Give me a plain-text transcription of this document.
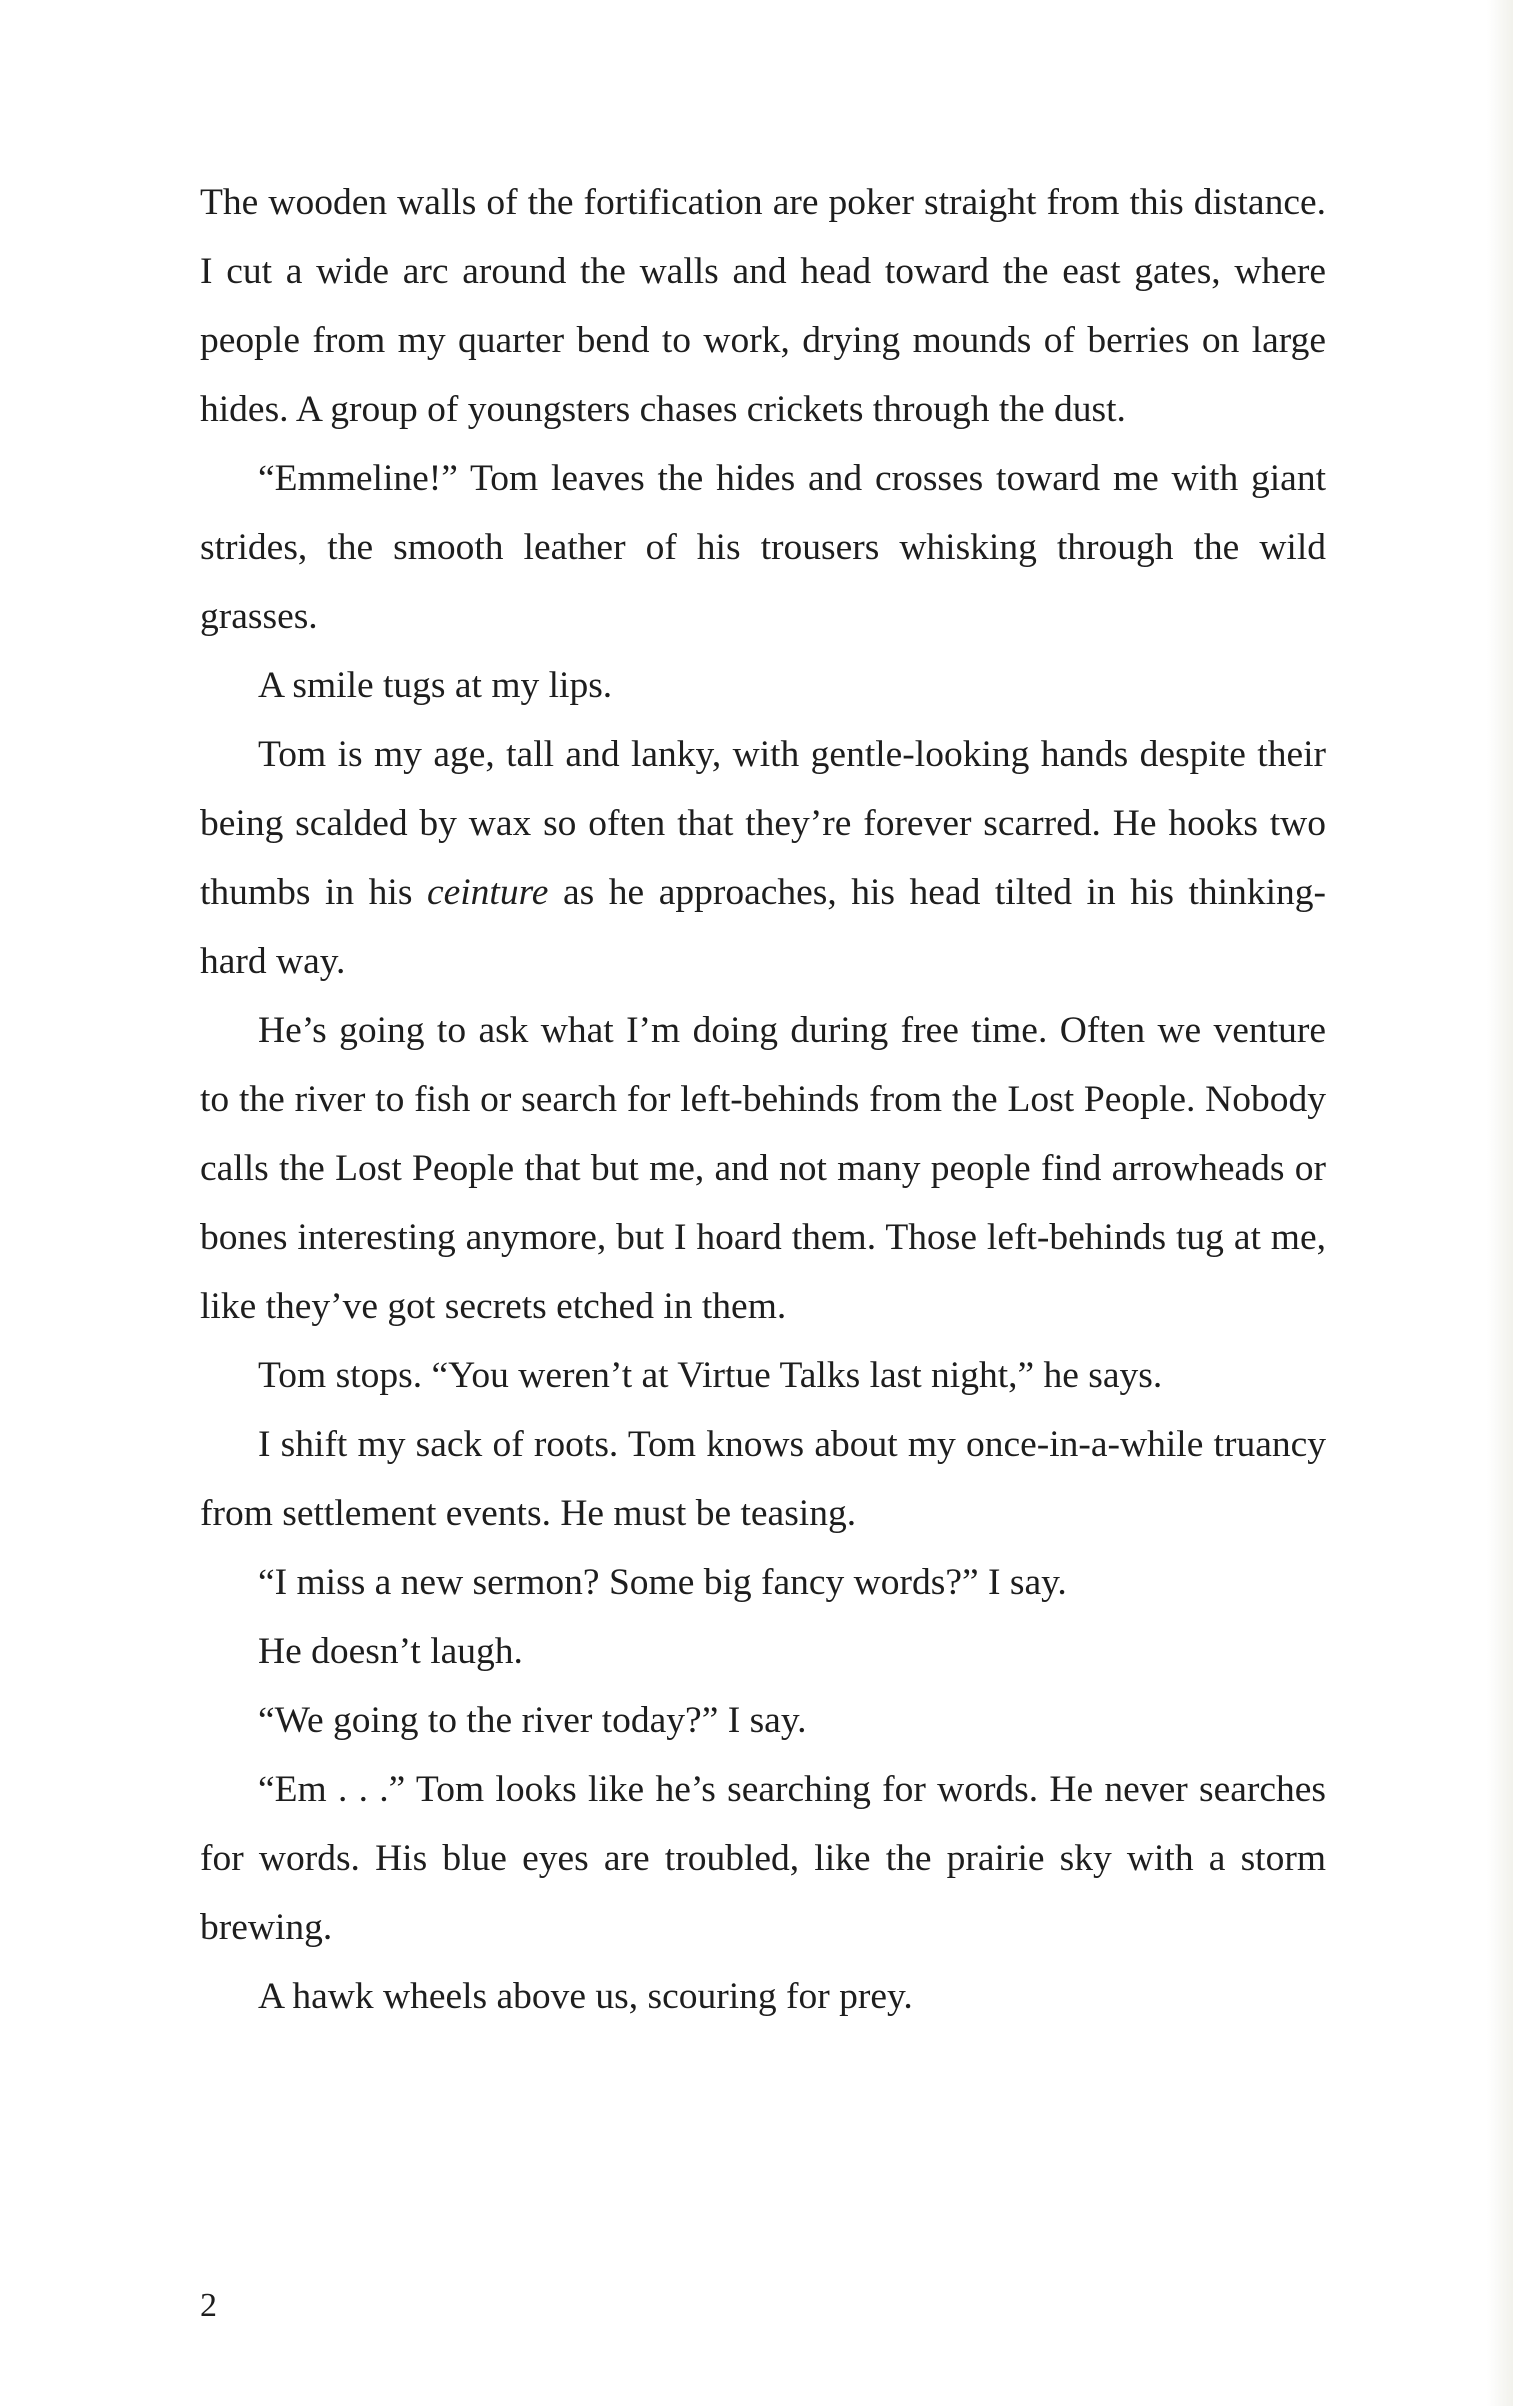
The wooden walls of the fortification are poker straight from this distance. I cut a wide arc around the walls and head toward the east gates, where people from my quarter bend to work, drying mounds of berries on large hides. A group of youngsters chases crickets through the dust.

“Emmeline!” Tom leaves the hides and crosses toward me with giant strides, the smooth leather of his trousers whisking through the wild grasses.

A smile tugs at my lips.

Tom is my age, tall and lanky, with gentle-looking hands despite their being scalded by wax so often that they’re forever scarred. He hooks two thumbs in his ceinture as he approaches, his head tilted in his thinking-hard way.

He’s going to ask what I’m doing during free time. Often we venture to the river to fish or search for left-behinds from the Lost People. Nobody calls the Lost People that but me, and not many people find arrowheads or bones interesting anymore, but I hoard them. Those left-behinds tug at me, like they’ve got secrets etched in them.

Tom stops. “You weren’t at Virtue Talks last night,” he says.

I shift my sack of roots. Tom knows about my once-in-a-while truancy from settlement events. He must be teasing.

“I miss a new sermon? Some big fancy words?” I say.

He doesn’t laugh.

“We going to the river today?” I say.

“Em . . .” Tom looks like he’s searching for words. He never searches for words. His blue eyes are troubled, like the prairie sky with a storm brewing.

A hawk wheels above us, scouring for prey.

2
